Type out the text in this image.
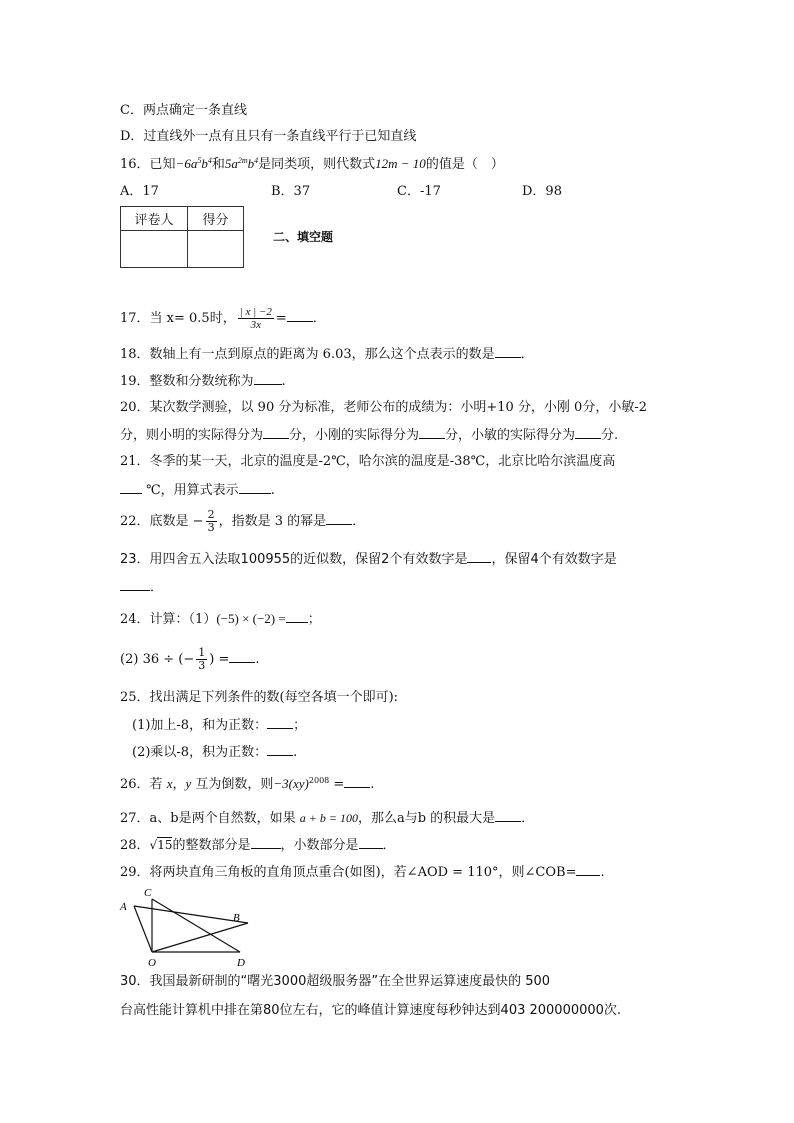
C．两点确定一条直线
D．过直线外一点有且只有一条直线平行于已知直线
16．已知$-6a^5b^4$和$5a^{2m}b^4$是同类项，则代数式12m − 10的值是（　）
A．17	B．37	C．-17	D．98
评卷人	得分

二、填空题
17．当 x= 0.5时， $\frac{| x | -2}{3x}$ = ．
18．数轴上有一点到原点的距离为 6.03，那么这个点表示的数是 ．
19．整数和分数统称为 .
20．某次数学测验，以 90 分为标准，老师公布的成绩为：小明+10 分，小刚 0分，小敏-2
分，则小明的实际得分为 分，小刚的实际得分为 分，小敏的实际得分为 分.
21．冬季的某一天，北京的温度是-2℃，哈尔滨的温度是-38℃，北京比哈尔滨温度高
℃，用算式表示 .
22．底数是 − $\frac{2}{3}$ ，指数是 3 的幂是 ．
23．用四舍五入法取100955的近似数，保留2个有效数字是 ，保留4个有效数字是
．
24．计算：（1）(−5) × (−2) = ；
(2) 36 ÷ (− $\frac{1}{3}$ ) = .
25．找出满足下列条件的数(每空各填一个即可):
(1)加上-8，和为正数： ；
(2)乘以-8，积为正数： .
26．若 x，y 互为倒数，则−3(xy)$^{2008}$ = .
27．a、b是两个自然数，如果 a + b = 100，那么a与b 的积最大是 ．
28．√15的整数部分是 ，小数部分是 ．
29．将两块直角三角板的直角顶点重合(如图)，若∠AOD = 110°，则∠COB= .
A
C
B
O	D
30．我国最新研制的“曙光3000超级服务器”在全世界运算速度最快的 500
台高性能计算机中排在第80位左右，它的峰值计算速度每秒钟达到403 200000000次.
